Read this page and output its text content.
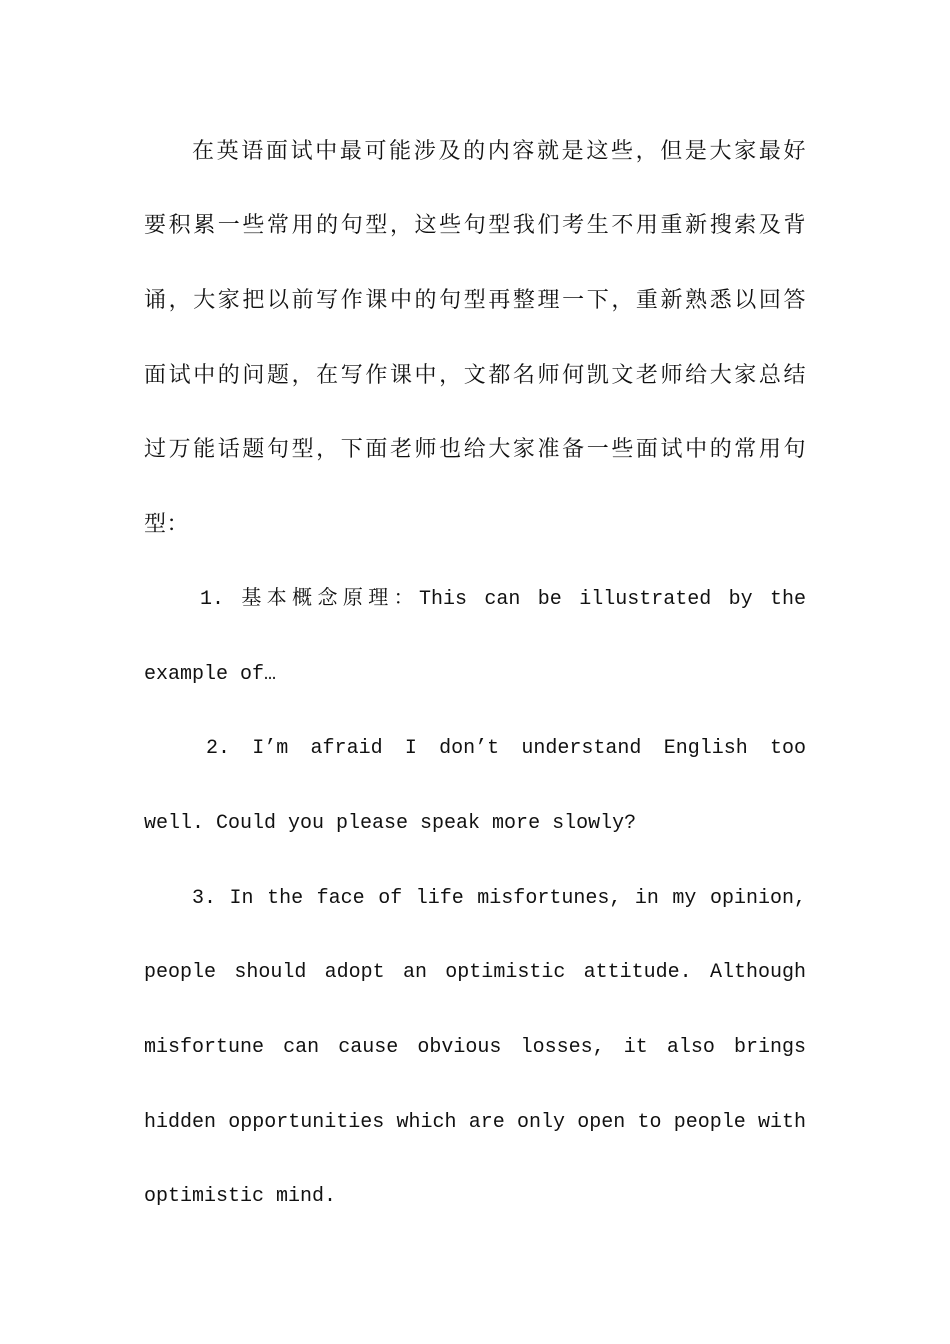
在英语面试中最可能涉及的内容就是这些，但是大家最好
要积累一些常用的句型，这些句型我们考生不用重新搜索及背
诵，大家把以前写作课中的句型再整理一下，重新熟悉以回答
面试中的问题，在写作课中，文都名师何凯文老师给大家总结
过万能话题句型，下面老师也给大家准备一些面试中的常用句
型：
1. 基本概念原理：This can be illustrated by the
example of…
2. I’m afraid I don’t understand English too
well. Could you please speak more slowly?
3. In the face of life misfortunes, in my opinion,
people should adopt an optimistic attitude. Although
misfortune can cause obvious losses, it also brings
hidden opportunities which are only open to people with
optimistic mind.
